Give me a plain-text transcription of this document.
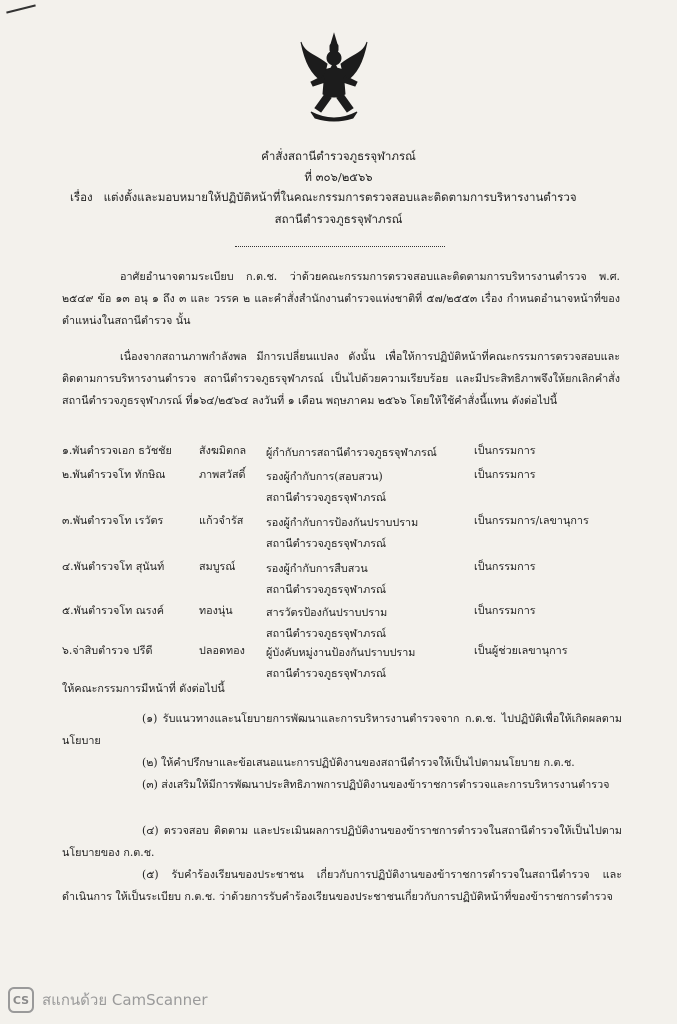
คำสั่งสถานีตำรวจภูธรจุฬาภรณ์
ที่ ๓๐๖/๒๕๖๖
เรื่อง แต่งตั้งและมอบหมายให้ปฏิบัติหน้าที่ในคณะกรรมการตรวจสอบและติดตามการบริหารงานตำรวจ
สถานีตำรวจภูธรจุฬาภรณ์
อาศัยอำนาจตามระเบียบ ก.ต.ช. ว่าด้วยคณะกรรมการตรวจสอบและติดตามการบริหารงานตำรวจ พ.ศ. ๒๕๔๙ ข้อ ๑๓ อนุ ๑ ถึง ๓ และ วรรค ๒ และคำสั่งสำนักงานตำรวจแห่งชาติที่ ๕๗/๒๕๕๓ เรื่อง กำหนดอำนาจหน้าที่ของตำแหน่งในสถานีตำรวจ นั้น
เนื่องจากสถานภาพกำลังพล มีการเปลี่ยนแปลง ดังนั้น เพื่อให้การปฏิบัติหน้าที่คณะกรรมการตรวจสอบและติดตามการบริหารงานตำรวจ สถานีตำรวจภูธรจุฬาภรณ์ เป็นไปด้วยความเรียบร้อย และมีประสิทธิภาพจึงให้ยกเลิกคำสั่งสถานีตำรวจภูธรจุฬาภรณ์ ที่๑๖๔/๒๕๖๔ ลงวันที่ ๑ เดือน พฤษภาคม ๒๕๖๖ โดยให้ใช้คำสั่งนี้แทน ดังต่อไปนี้
๑.พันตำรวจเอก ธวัชชัย	สังฆมิตกล ผู้กำกับการสถานีตำรวจภูธรจุฬาภรณ์	เป็นกรรมการ
๒.พันตำรวจโท ทักษิณ	ภาพสวัสดิ์ รองผู้กำกับการ(สอบสวน)
สถานีตำรวจภูธรจุฬาภรณ์
เป็นกรรมการ
๓.พันตำรวจโท เรวัตร	แก้วจำรัส รองผู้กำกับการป้องกันปราบปราม
สถานีตำรวจภูธรจุฬาภรณ์
เป็นกรรมการ/เลขานุการ
๔.พันตำรวจโท สุนันท์	สมบูรณ์	รองผู้กำกับการสืบสวน
สถานีตำรวจภูธรจุฬาภรณ์
เป็นกรรมการ
๕.พันตำรวจโท ณรงค์	ทองนุ่น	สารวัตรป้องกันปราบปราม
สถานีตำรวจภูธรจุฬาภรณ์
เป็นกรรมการ
๖.จ่าสิบตำรวจ ปรีดี	ปลอดทอง ผู้บังคับหมู่งานป้องกันปราบปราม
สถานีตำรวจภูธรจุฬาภรณ์
เป็นผู้ช่วยเลขานุการ
ให้คณะกรรมการมีหน้าที่ ดังต่อไปนี้
(๑) รับแนวทางและนโยบายการพัฒนาและการบริหารงานตำรวจจาก ก.ต.ช. ไปปฏิบัติเพื่อให้เกิดผลตามนโยบาย
(๒) ให้คำปรึกษาและข้อเสนอแนะการปฏิบัติงานของสถานีตำรวจให้เป็นไปตามนโยบาย ก.ต.ช.
(๓) ส่งเสริมให้มีการพัฒนาประสิทธิภาพการปฏิบัติงานของข้าราชการตำรวจและการบริหารงานตำรวจ
(๔) ตรวจสอบ ติดตาม และประเมินผลการปฏิบัติงานของข้าราชการตำรวจในสถานีตำรวจให้เป็นไปตามนโยบายของ ก.ต.ช.
(๕) รับคำร้องเรียนของประชาชน เกี่ยวกับการปฏิบัติงานของข้าราชการตำรวจในสถานีตำรวจ และดำเนินการ ให้เป็นระเบียบ ก.ต.ช. ว่าด้วยการรับคำร้องเรียนของประชาชนเกี่ยวกับการปฏิบัติหน้าที่ของข้าราชการตำรวจ
CS สแกนด้วย CamScanner
